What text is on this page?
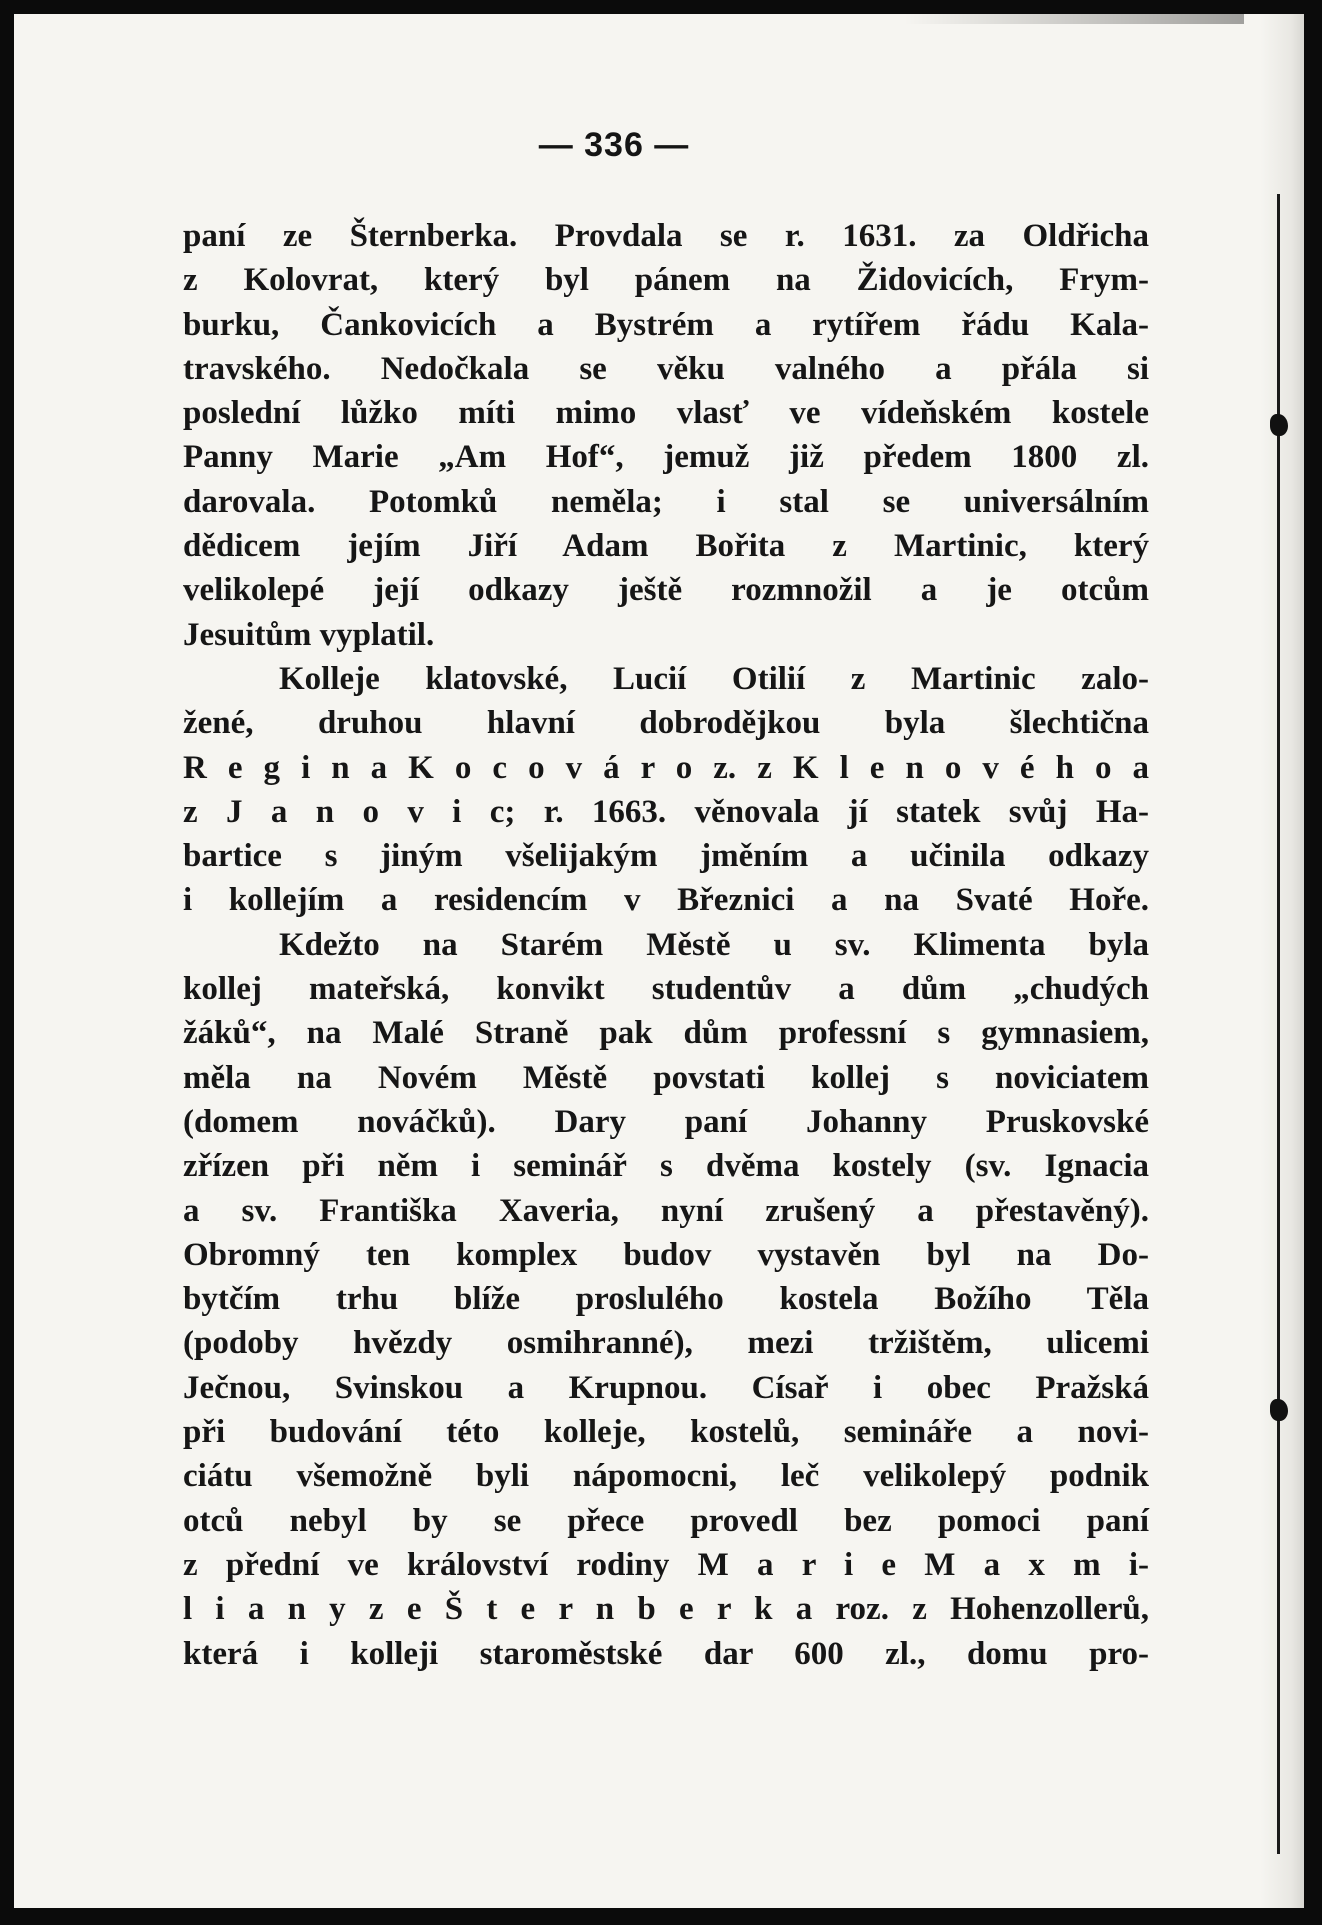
— 336 —
paní ze Šternberka. Provdala se r. 1631. za Oldřicha
z Kolovrat, který byl pánem na Židovicích, Frym-
burku, Čankovicích a Bystrém a rytířem řádu Kala-
travského. Nedočkala se věku valného a přála si
poslední lůžko míti mimo vlasť ve vídeňském kostele
Panny Marie „Am Hof“, jemuž již předem 1800 zl.
darovala. Potomků neměla; i stal se universálním
dědicem jejím Jiří Adam Bořita z Martinic, který
velikolepé její odkazy ještě rozmnožil a je otcům
Jesuitům vyplatil.
Kolleje klatovské, Lucií Otilií z Martinic zalo-
žené, druhou hlavní dobrodějkou byla šlechtična
R e g i n a K o c o v á r o z. z K l e n o v é h o a
z J a n o v i c; r. 1663. věnovala jí statek svůj Ha-
bartice s jiným všelijakým jměním a učinila odkazy
i kollejím a residencím v Březnici a na Svaté Hoře.
Kdežto na Starém Městě u sv. Klimenta byla
kollej mateřská, konvikt studentův a dům „chudých
žáků“, na Malé Straně pak dům professní s gymnasiem,
měla na Novém Městě povstati kollej s noviciatem
(domem nováčků). Dary paní Johanny Pruskovské
zřízen při něm i seminář s dvěma kostely (sv. Ignacia
a sv. Františka Xaveria, nyní zrušený a přestavěný).
Obromný ten komplex budov vystavěn byl na Do-
bytčím trhu blíže proslulého kostela Božího Těla
(podoby hvězdy osmihranné), mezi tržištěm, ulicemi
Ječnou, Svinskou a Krupnou. Císař i obec Pražská
při budování této kolleje, kostelů, semináře a novi-
ciátu všemožně byli nápomocni, leč velikolepý podnik
otců nebyl by se přece provedl bez pomoci paní
z přední ve království rodiny M a r i e M a x m i-
l i a n y z e Š t e r n b e r k a roz. z Hohenzollerů,
která i kolleji staroměstské dar 600 zl., domu pro-
